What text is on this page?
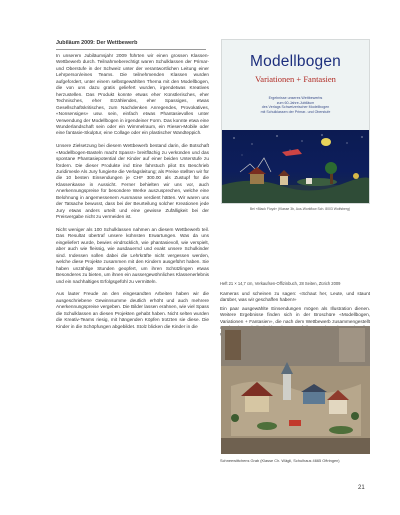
Jubiläum 2009: Der Wettbewerb

In unserem Jubiläumsjahr 2009 führten wir einen grossen Klassen-Wettbewerb durch. Teilnahmeberechtigt waren Schulklassen der Primar- und Oberstufe in der Schweiz unter der verantwortlichen Leitung einer Lehrperson/eines Teams. Die teilnehmenden Klassen wurden aufgefordert, unter einem selbstgewählten Thema mit den Modellbogen, die von uns dazu gratis geliefert wurden, irgendetwas Kreatives herzustellen. Das Produkt konnte etwas eher Künstlerisches, eher Technisches, eher Erzählendes, eher Spassiges, etwas Gesellschaftskritisches, zum Nachdenken Anregendes, Provokatives, «Nonsensiges» usw. sein, einfach etwas Phantasievolles unter Verwendung der Modellbogen in irgendeiner Form. Das konnte etwa eine Wunderlandschaft sein oder ein Wimmelraum, ein Riesen-Mobile oder eine fantasie-Skulptur, eine Collage oder ein plastischer Wandteppich.

Unsere Zielsetzung bei diesem Wettbewerb bestand darin, die Botschaft «Modellbogen-Basteln macht Spass!» breitflächig zu verkünden und das spontane Phantasiepotential der Kinder auf einer beiden Unterstufe zu fördern. Die dieser Produkte ind Eine fahrstuch pilot Es Beschrieb Juridimesle Als Jury fungierte die Verlagsleitung; als Preise stellten wir für die 10 besten Einsendungen je CHF 300.00 als Zustupf für die Klassenkasse in Aussicht. Ferner behielten wir uns vor, auch Anerkennungspreise für besondere Werke auszusprechen, welche eine Belohnung in angemessenem Ausmasse verdient hätten. Wir waren uns der Tatsache bewusst, dass bei der Beurteilung solcher Kreationen jede Jury etwas anders urteilt und eine gewisse Zufälligkeit bei der Preisvergabe nicht zu vermeiden ist.

Nicht weniger als 100 Schulklassen nahmen an diesem Wettbewerb teil. Das Resultat übertraf unsere kühnsten Erwartungen. Was da uns eingeliefert wurde, bewies eindrücklich, wie phantasievoll, wie verspielt, aber auch wie fleissig, wie ausdauernd und exakt unsere Schulkinder sind. Indessen sollen dabei die Lehrkräfte nicht vergessen werden, welche diese Projekte zusammen mit den Kindern ausgeführt haben. Sie haben unzählige Stunden geopfert, um ihren Schützlingen etwas Besonderes zu bieten, um ihnen ein aussergewöhnliches Klassenerlebnis und ein nachhaltiges Erfolgsgefühl zu vermitteln.

Aus lauter Freude an den eingesandten Arbeiten haben wir die ausgeschriebene Gewinnsumme deutlich erhöht und auch mehrere Anerkennungspreise vergeben. Die Bilder lassen erahnen, wie viel Spass die Schulklassen an diesen Projekten gehabt haben. Nicht selten wurden die Kreativ-Teams riesig, mit hängenden Köpfen trotzten sie diese. Die Kinder in die Schöpfungen abgebildet. Stolz blicken die Kinder in die

Modellbogen
Variationen + Fantasien
Ergebnisse unseres Wettbewerbs
zum 60-Jahre-Jubiläum
des Verlags Schweizerischer Modellbogen
mit Schulklassen der Primar- und Oberstufe
Bei «Black Floyd» (Klasse 3b, Aus-Workflow Sch. 8003 Wolfsberg)
Heft 21 × 14,7 cm, Verkaufsen-Offizinbuch, 28 Seiten, Zürich 2009

Kameras und scheinen zu sagen: «Schaut her, Leute, und staunt darüber, was wir geschaffen haben!»

Ein paar ausgewählte Einsendungen mögen als Illustration dienen. Weitere Ergebnisse finden sich in der Broschüre «Modellbogen, Variationen + Fantasien», die nach dem Wettbewerb zusammengestellt

Schneewittchens Grab (Klasse Ch. Wägli, Schulhaus 4665 Oftringen)
21
